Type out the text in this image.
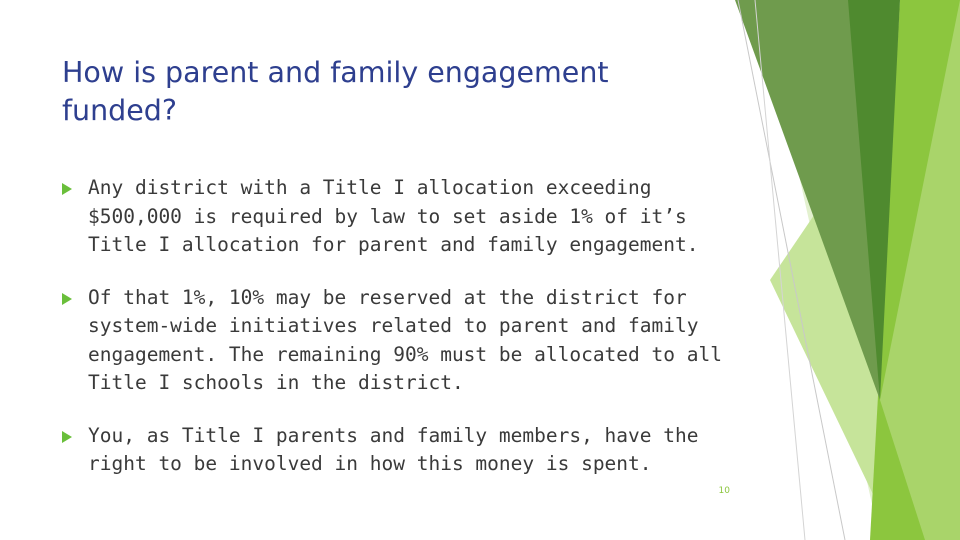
How is parent and family engagement funded?
Any district with a Title I allocation exceeding $500,000 is required by law to set aside 1% of it’s Title I allocation for parent and family engagement.
Of that 1%, 10% may be reserved at the district for system-wide initiatives related to parent and family engagement. The remaining 90% must be allocated to all Title I schools in the district.
You, as Title I parents and family members, have the right to be involved in how this money is spent.
10
